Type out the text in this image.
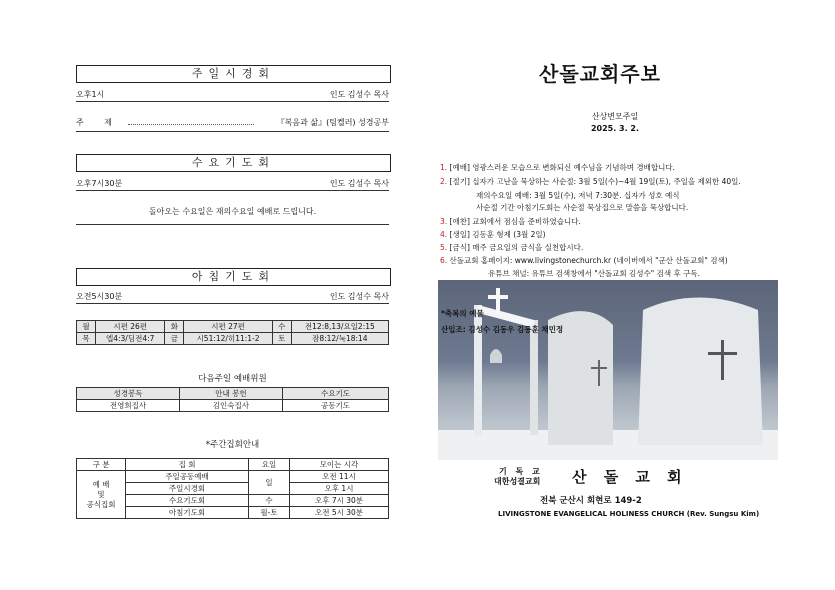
주일시경회
오후1시	인도 김성수 목사
주        제	『복음과 삶』(팀켈러) 성경공부
수요기도회
오후7시30분	인도 김성수 목사
돌아오는 수요일은 재의수요일 예배로 드립니다.
아침기도회
오전5시30분	인도 김성수 목사
월	시편 26편	화	시편 27편	수	전12:8,13/요일2:15
목	엡4:3/딤전4:7	금	시51:12/히11:1-2	토	잠8:12/눅18:14
다음주일 예배위원
성경봉독	안내 봉헌	수요기도
전영희집사	김인숙집사	공동기도
*주간집회안내
구 분	집 회	요일	모이는 시각
예 배
및
공식집회	주일공동예배	일	오전 11시
	주일시경회		오후 1시
	수요기도회	수	오후 7시 30분
	아침기도회	월-토	오전 5시 30분
산돌교회주보
산상변모주일
2025. 3. 2.
1. [예배] 영광스러운 모습으로 변화되신 예수님을 기념하며 경배합니다.
2. [절기] 십자가 고난을 묵상하는 사순절: 3월 5일(수)~4월 19일(토), 주일을 제외한 40일.
재의수요일 예배: 3월 5일(수), 저녁 7:30분. 십자가 성호 예식
사순절 기간 아침기도회는 사순절 묵상집으로 말씀을 묵상합니다.
3. [애찬] 교회에서 점심을 준비하였습니다.
4. [생일] 김동훈 형제 (3월 2일)
5. [금식] 매주 금요일의 금식을 실천합시다.
6. 산돌교회 홈페이지: www.livingstonechurch.kr (네이버에서 "군산 산돌교회" 검색)
유튜브 채널: 유튜브 검색창에서 "산돌교회 김성수" 검색 후 구독.
*축복의 예물
산입조: 김성수 김동우 김동훈 채민정
기 독 교
대한성결교회 산 돌 교 회
전북 군산시 회현로 149-2
LIVINGSTONE EVANGELICAL HOLINESS CHURCH (Rev. Sungsu Kim)
